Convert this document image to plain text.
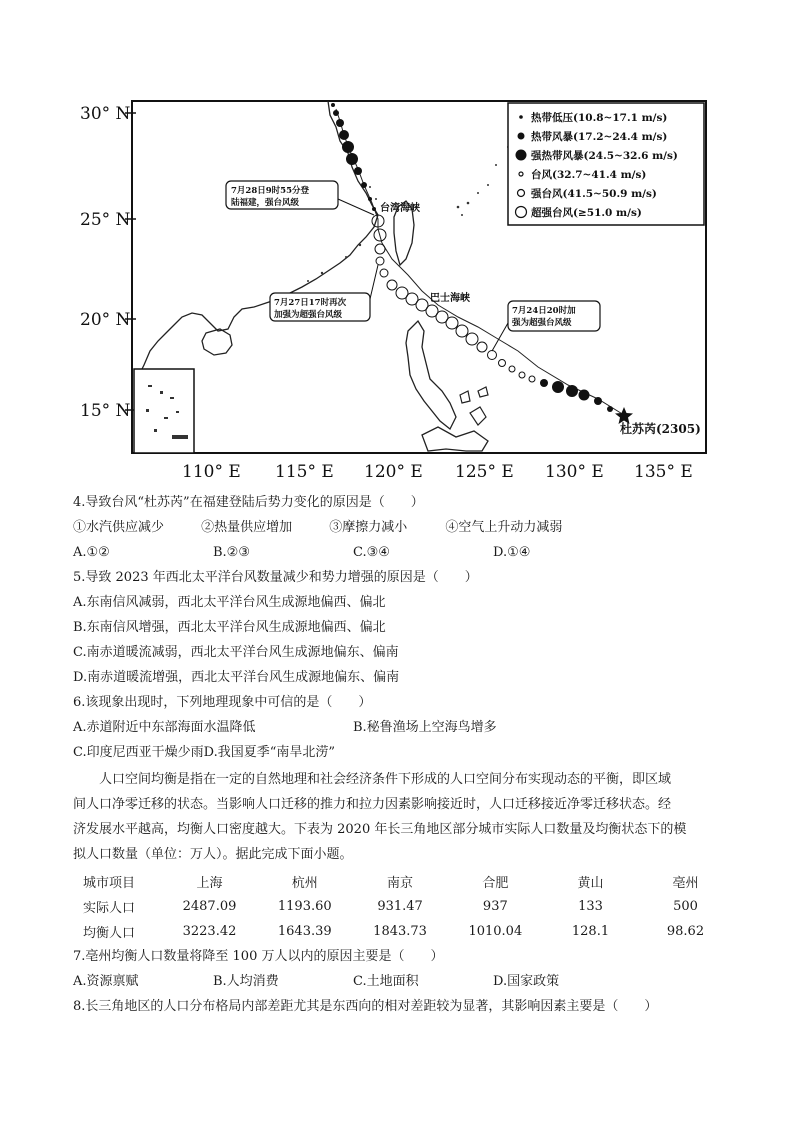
30° N
25° N
20° N
15° N
110° E 115° E 120° E 125° E 130° E 135° E
热带低压(10.8~17.1 m/s)
热带风暴(17.2~24.4 m/s)
强热带风暴(24.5~32.6 m/s)
台风(32.7~41.4 m/s)
强台风(41.5~50.9 m/s)
超强台风(≥51.0 m/s)
7月28日9时55分登
陆福建，强台风级
7月27日17时再次
加强为超强台风级	7月24日20时加
强为超强台风级
台湾海峡
巴士海峡
杜苏芮(2305)
4.导致台风“杜苏芮”在福建登陆后势力变化的原因是（　　）
①水汽供应减少	②热量供应增加	③摩擦力减小	④空气上升动力减弱
A.①②	B.②③	C.③④	D.①④
5.导致 2023 年西北太平洋台风数量减少和势力增强的原因是（　　）
A.东南信风减弱，西北太平洋台风生成源地偏西、偏北
B.东南信风增强，西北太平洋台风生成源地偏西、偏北
C.南赤道暖流减弱，西北太平洋台风生成源地偏东、偏南
D.南赤道暖流增强，西北太平洋台风生成源地偏东、偏南
6.该现象出现时，下列地理现象中可信的是（　　）
A.赤道附近中东部海面水温降低	B.秘鲁渔场上空海鸟增多
C.印度尼西亚干燥少雨D.我国夏季“南旱北涝”
人口空间均衡是指在一定的自然地理和社会经济条件下形成的人口空间分布实现动态的平衡，即区域
间人口净零迁移的状态。当影响人口迁移的推力和拉力因素影响接近时，人口迁移接近净零迁移状态。经
济发展水平越高，均衡人口密度越大。下表为 2020 年长三角地区部分城市实际人口数量及均衡状态下的模
拟人口数量（单位：万人）。据此完成下面小题。
城市项目	上海	杭州	南京	合肥	黄山	亳州
实际人口	2487.09	1193.60	931.47	937	133	500
均衡人口	3223.42	1643.39	1843.73	1010.04	128.1	98.62
7.亳州均衡人口数量将降至 100 万人以内的原因主要是（　　）
A.资源禀赋	B.人均消费	C.土地面积	D.国家政策
8.长三角地区的人口分布格局内部差距尤其是东西向的相对差距较为显著，其影响因素主要是（　　）
